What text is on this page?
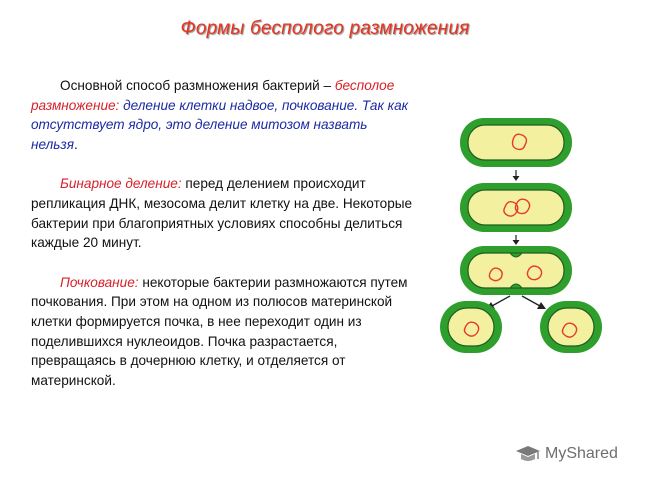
Формы бесполого размножения

Основной способ размножения бактерий – бесполое размножение: деление клетки надвое, почкование. Так как отсутствует ядро, это деление митозом назвать нельзя.

Бинарное деление: перед делением происходит репликация ДНК, мезосома делит клетку на две. Некоторые бактерии при благоприятных условиях способны делиться каждые 20 минут.

Почкование: некоторые бактерии размножаются путем почкования. При этом на одном из полюсов материнской клетки формируется почка, в нее переходит один из поделившихся нуклеоидов. Почка разрастается, превращаясь в дочернюю клетку, и отделяется от материнской.

MyShared
